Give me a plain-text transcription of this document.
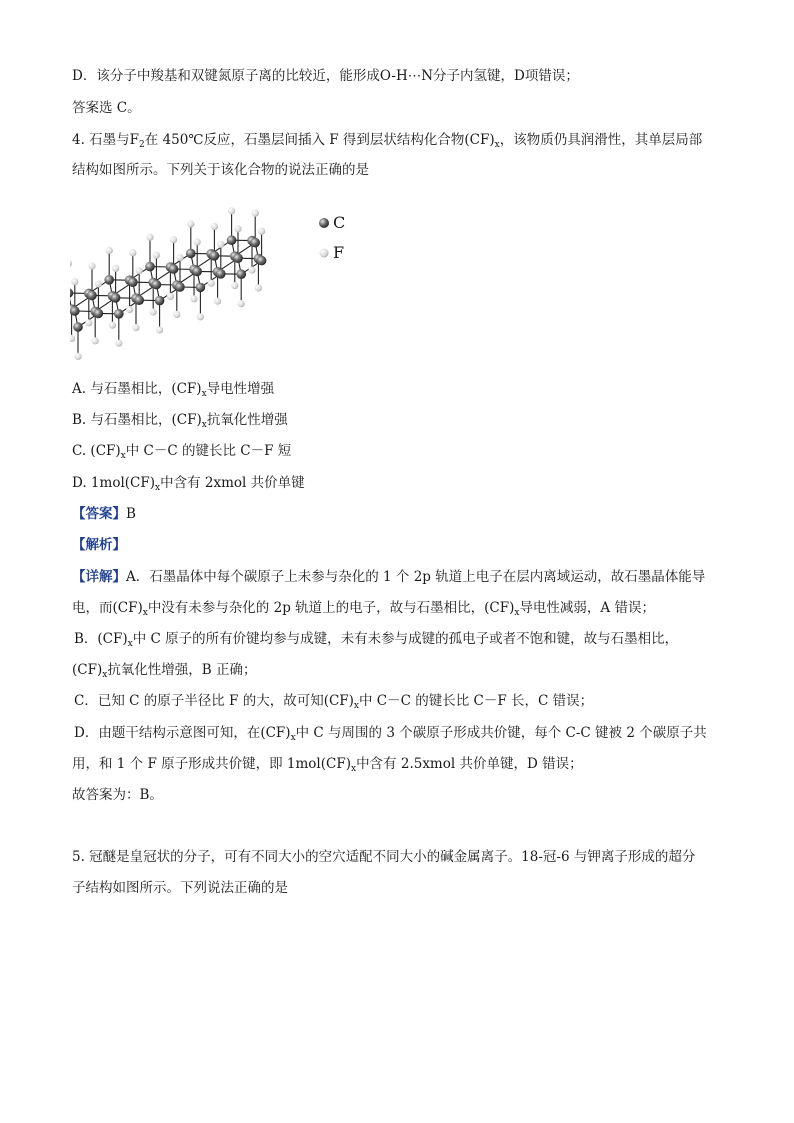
D．该分子中羧基和双键氮原子离的比较近，能形成O-H⋯N分子内氢键，D项错误；
答案选 C。
4. 石墨与$F_2$在 450℃反应，石墨层间插入 F 得到层状结构化合物$(CF)_x$，该物质仍具润滑性，其单层局部
结构如图所示。下列关于该化合物的说法正确的是
C
F
A. 与石墨相比，$(CF)_x$导电性增强
B. 与石墨相比，$(CF)_x$抗氧化性增强
C. $(CF)_x$中 C－C 的键长比 C－F 短
D. $1mol(CF)_x$中含有 2xmol 共价单键
【答案】B
【解析】
【详解】A．石墨晶体中每个碳原子上未参与杂化的 1 个 2p 轨道上电子在层内离域运动，故石墨晶体能导
电，而$(CF)_x$中没有未参与杂化的 2p 轨道上的电子，故与石墨相比，$(CF)_x$导电性减弱，A 错误；
B．$(CF)_x$中 C 原子的所有价键均参与成键，未有未参与成键的孤电子或者不饱和键，故与石墨相比，
$(CF)_x$抗氧化性增强，B 正确；
C．已知 C 的原子半径比 F 的大，故可知$(CF)_x$中 C－C 的键长比 C－F 长，C 错误；
D．由题干结构示意图可知，在$(CF)_x$中 C 与周围的 3 个碳原子形成共价键，每个 C-C 键被 2 个碳原子共
用，和 1 个 F 原子形成共价键，即 $1mol(CF)_x$中含有 2.5xmol 共价单键，D 错误；
故答案为：B。
5. 冠醚是皇冠状的分子，可有不同大小的空穴适配不同大小的碱金属离子。18-冠-6 与钾离子形成的超分
子结构如图所示。下列说法正确的是
